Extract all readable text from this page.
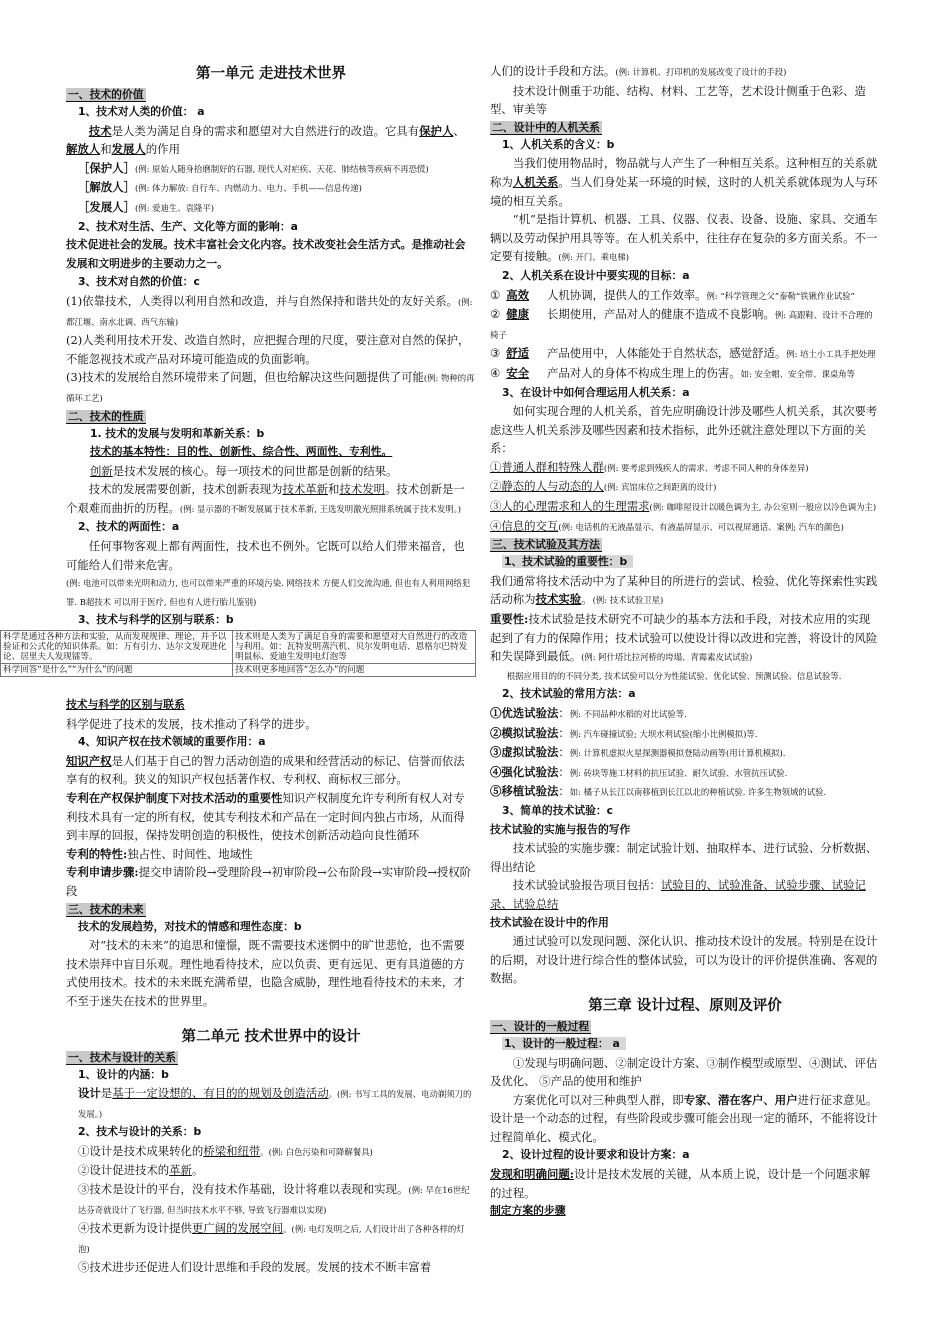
第一单元 走进技术世界

一、技术的价值

1、技术对人类的价值： a

技术是人类为满足自身的需求和愿望对大自然进行的改造。它具有保护人、解放人和发展人的作用

［保护人］(例: 原始人随身拾磨制好的石器, 现代人对疟疾、天花、肺结核等疾病不再恐慌)

［解放人］(例: 体力解放: 自行车、内燃动力、电力、手机——信息传递)

［发展人］(例: 爱迪生、袁隆平)

2、技术对生活、生产、文化等方面的影响：a

技术促进社会的发展。技术丰富社会文化内容。技术改变社会生活方式。是推动社会发展和文明进步的主要动力之一。

3、技术对自然的价值：c

(1)依靠技术，人类得以利用自然和改造，并与自然保持和谐共处的友好关系。(例: 都江堰、南水北调、西气东输)

(2)人类利用技术开发、改造自然时，应把握合理的尺度，要注意对自然的保护，不能忽视技术或产品对环境可能造成的负面影响。

(3)技术的发展给自然环境带来了问题，但也给解决这些问题提供了可能(例: 物种的再循环工艺)

二、技术的性质

1. 技术的发展与发明和革新关系：b

技术的基本特性：目的性、创新性、综合性、两面性、专利性。

创新是技术发展的核心。每一项技术的问世都是创新的结果。

技术的发展需要创新，技术创新表现为技术革新和技术发明。技术创新是一个艰难而曲折的历程。(例: 显示器的不断发展属于技术革新, 王选发明激光照排系统属于技术发明。)

2、技术的两面性：a

任何事物客观上都有两面性，技术也不例外。它既可以给人们带来福音，也可能给人们带来危害。

(例: 电池可以带来光明和动力, 也可以带来严重的环境污染. 网络技术 方便人们交流沟通, 但也有人利用网络犯罪. B超技术 可以用于医疗, 但也有人进行胎儿鉴别)

3、技术与科学的区别与联系：b

科学是通过各种方法和实验，从而发现规律、理论，并予以验证和公式化的知识体系。如：万有引力、达尔文发现进化论、居里夫人发现镭等。	技术则是人类为了满足自身的需要和愿望对大自然进行的改造与利用。如：瓦特发明蒸汽机、贝尔发明电话、恩格尔巴特发明鼠标、爱迪生发明电灯泡等
科学回答“是什么”“为什么”的问题	技术则更多地回答“怎么办”的问题

技术与科学的区别与联系

科学促进了技术的发展，技术推动了科学的进步。

4、知识产权在技术领域的重要作用：a

知识产权是人们基于自己的智力活动创造的成果和经营活动的标记、信誉而依法享有的权利。狭义的知识产权包括著作权、专利权、商标权三部分。

专利在产权保护制度下对技术活动的重要性知识产权制度允许专利所有权人对专利技术具有一定的所有权，使其专利技术和产品在一定时间内独占市场，从而得到丰厚的回报，保持发明创造的积极性，使技术创新活动趋向良性循环

专利的特性:独占性、时间性、地域性

专利申请步骤:提交申请阶段→受理阶段→初审阶段→公布阶段→实审阶段→授权阶段

三、技术的未来

技术的发展趋势，对技术的情感和理性态度：b

对“技术的未来”的追思和憧憬，既不需要技术迷惘中的旷世悲怆，也不需要技术崇拜中盲目乐观。理性地看待技术，应以负责、更有远见、更有具道德的方式使用技术。技术的未来既充满希望，也隐含威胁，理性地看待技术的未来，才不至于迷失在技术的世界里。

第二单元 技术世界中的设计

一、技术与设计的关系

1、设计的内涵：b

设计是基于一定设想的、有目的的规划及创造活动。(例: 书写工具的发展、电动剃须刀的发展。)

2、技术与设计的关系：b

①设计是技术成果转化的桥梁和纽带。(例: 白色污染和可降解餐具)

②设计促进技术的革新。

③技术是设计的平台，没有技术作基础，设计将难以表现和实现。(例: 早在16世纪达芬奇就设计了飞行器, 但当时技术水平不够, 导致飞行器难以实现)

④技术更新为设计提供更广阔的发展空间。(例: 电灯发明之后, 人们设计出了各种各样的灯泡)

⑤技术进步还促进人们设计思维和手段的发展。发展的技术不断丰富着

人们的设计手段和方法。(例: 计算机、打印机的发展改变了设计的手段)

技术设计侧重于功能、结构、材料、工艺等，艺术设计侧重于色彩、造型、审美等

二、设计中的人机关系

1、人机关系的含义：b

当我们使用物品时，物品就与人产生了一种相互关系。这种相互的关系就称为人机关系。当人们身处某一环境的时候，这时的人机关系就体现为人与环境的相互关系。

“机”是指计算机、机器、工具、仪器、仪表、设备、设施、家具、交通车辆以及劳动保护用具等等。在人机关系中，往往存在复杂的多方面关系。不一定要有接触。(例: 开门、乘电梯)

2、人机关系在设计中要实现的目标：a

① 高效 人机协调，提供人的工作效率。例: “科学管理之父”泰勒“铁锹作业试验”

② 健康 长期使用，产品对人的健康不造成不良影响。例: 高跟鞋、设计不合理的椅子

③ 舒适 产品使用中，人体能处于自然状态，感觉舒适。例: 培土小工具手把处理

④ 安全 产品对人的身体不构成生理上的伤害。如: 安全帽、安全带、课桌角等

3、在设计中如何合理运用人机关系：a

如何实现合理的人机关系，首先应明确设计涉及哪些人机关系，其次要考虑这些人机关系涉及哪些因素和技术指标，此外还就注意处理以下方面的关系：

①普通人群和特殊人群(例: 要考虑到残疾人的需求、考虑不同人种的身体差异)

②静态的人与动态的人(例: 宾馆床位之间距离的设计)

③人的心理需求和人的生理需求(例: 咖啡屋设计以暖色调为主, 办公室则一般应以冷色调为主)

④信息的交互(例: 电话机的无液晶显示、有液晶屏显示、可以视屏通话、案例; 汽车的颜色)

三、技术试验及其方法

1、技术试验的重要性：b

我们通常将技术活动中为了某种目的所进行的尝试、检验、优化等探索性实践活动称为技术实验。(例: 技术试验卫星)

重要性:技术试验是技术研究不可缺少的基本方法和手段，对技术应用的实现起到了有力的保障作用；技术试验可以使设计得以改进和完善，将设计的风险和失误降到最低。(例: 阿什塔比拉河桥的垮塌、青霉素皮试试验)

根据应用目的的不同分类, 技术试验可以分为性能试验、优化试验、预测试验、信息试验等.

2、技术试验的常用方法：a

①优选试验法：例: 不同品种水稻的对比试验等.

②模拟试验法：例: 汽车碰撞试验; 大坝水利试验(缩小比例模拟)等.

③虚拟试验法：例: 计算机虚拟火星探测器模拟登陆动画等(用计算机模拟).

④强化试验法：例: 砖块等施工材料的抗压试验、耐久试验、水管抗压试验.

⑤移植试验法：如: 橘子从长江以南移植到长江以北的种植试验. 许多生物领域的试验.

3、简单的技术试验：c

技术试验的实施与报告的写作

技术试验的实施步骤：制定试验计划、抽取样本、进行试验、分析数据、得出结论

技术试验试验报告项目包括：试验目的、试验准备、试验步骤、试验记录、试验总结

技术试验在设计中的作用

通过试验可以发现问题、深化认识、推动技术设计的发展。特别是在设计的后期，对设计进行综合性的整体试验，可以为设计的评价提供准确、客观的数据。

第三章 设计过程、原则及评价

一、设计的一般过程

1、设计的一般过程： a

①发现与明确问题、②制定设计方案、③制作模型或原型、④测试、评估及优化、 ⑤产品的使用和维护

方案优化可以对三种典型人群，即专家、潜在客户、用户进行征求意见。设计是一个动态的过程，有些阶段或步骤可能会出现一定的循环，不能将设计过程简单化、模式化。

2、设计过程的设计要求和设计方案：a

发现和明确问题:设计是技术发展的关键，从本质上说，设计是一个问题求解的过程。

制定方案的步骤
